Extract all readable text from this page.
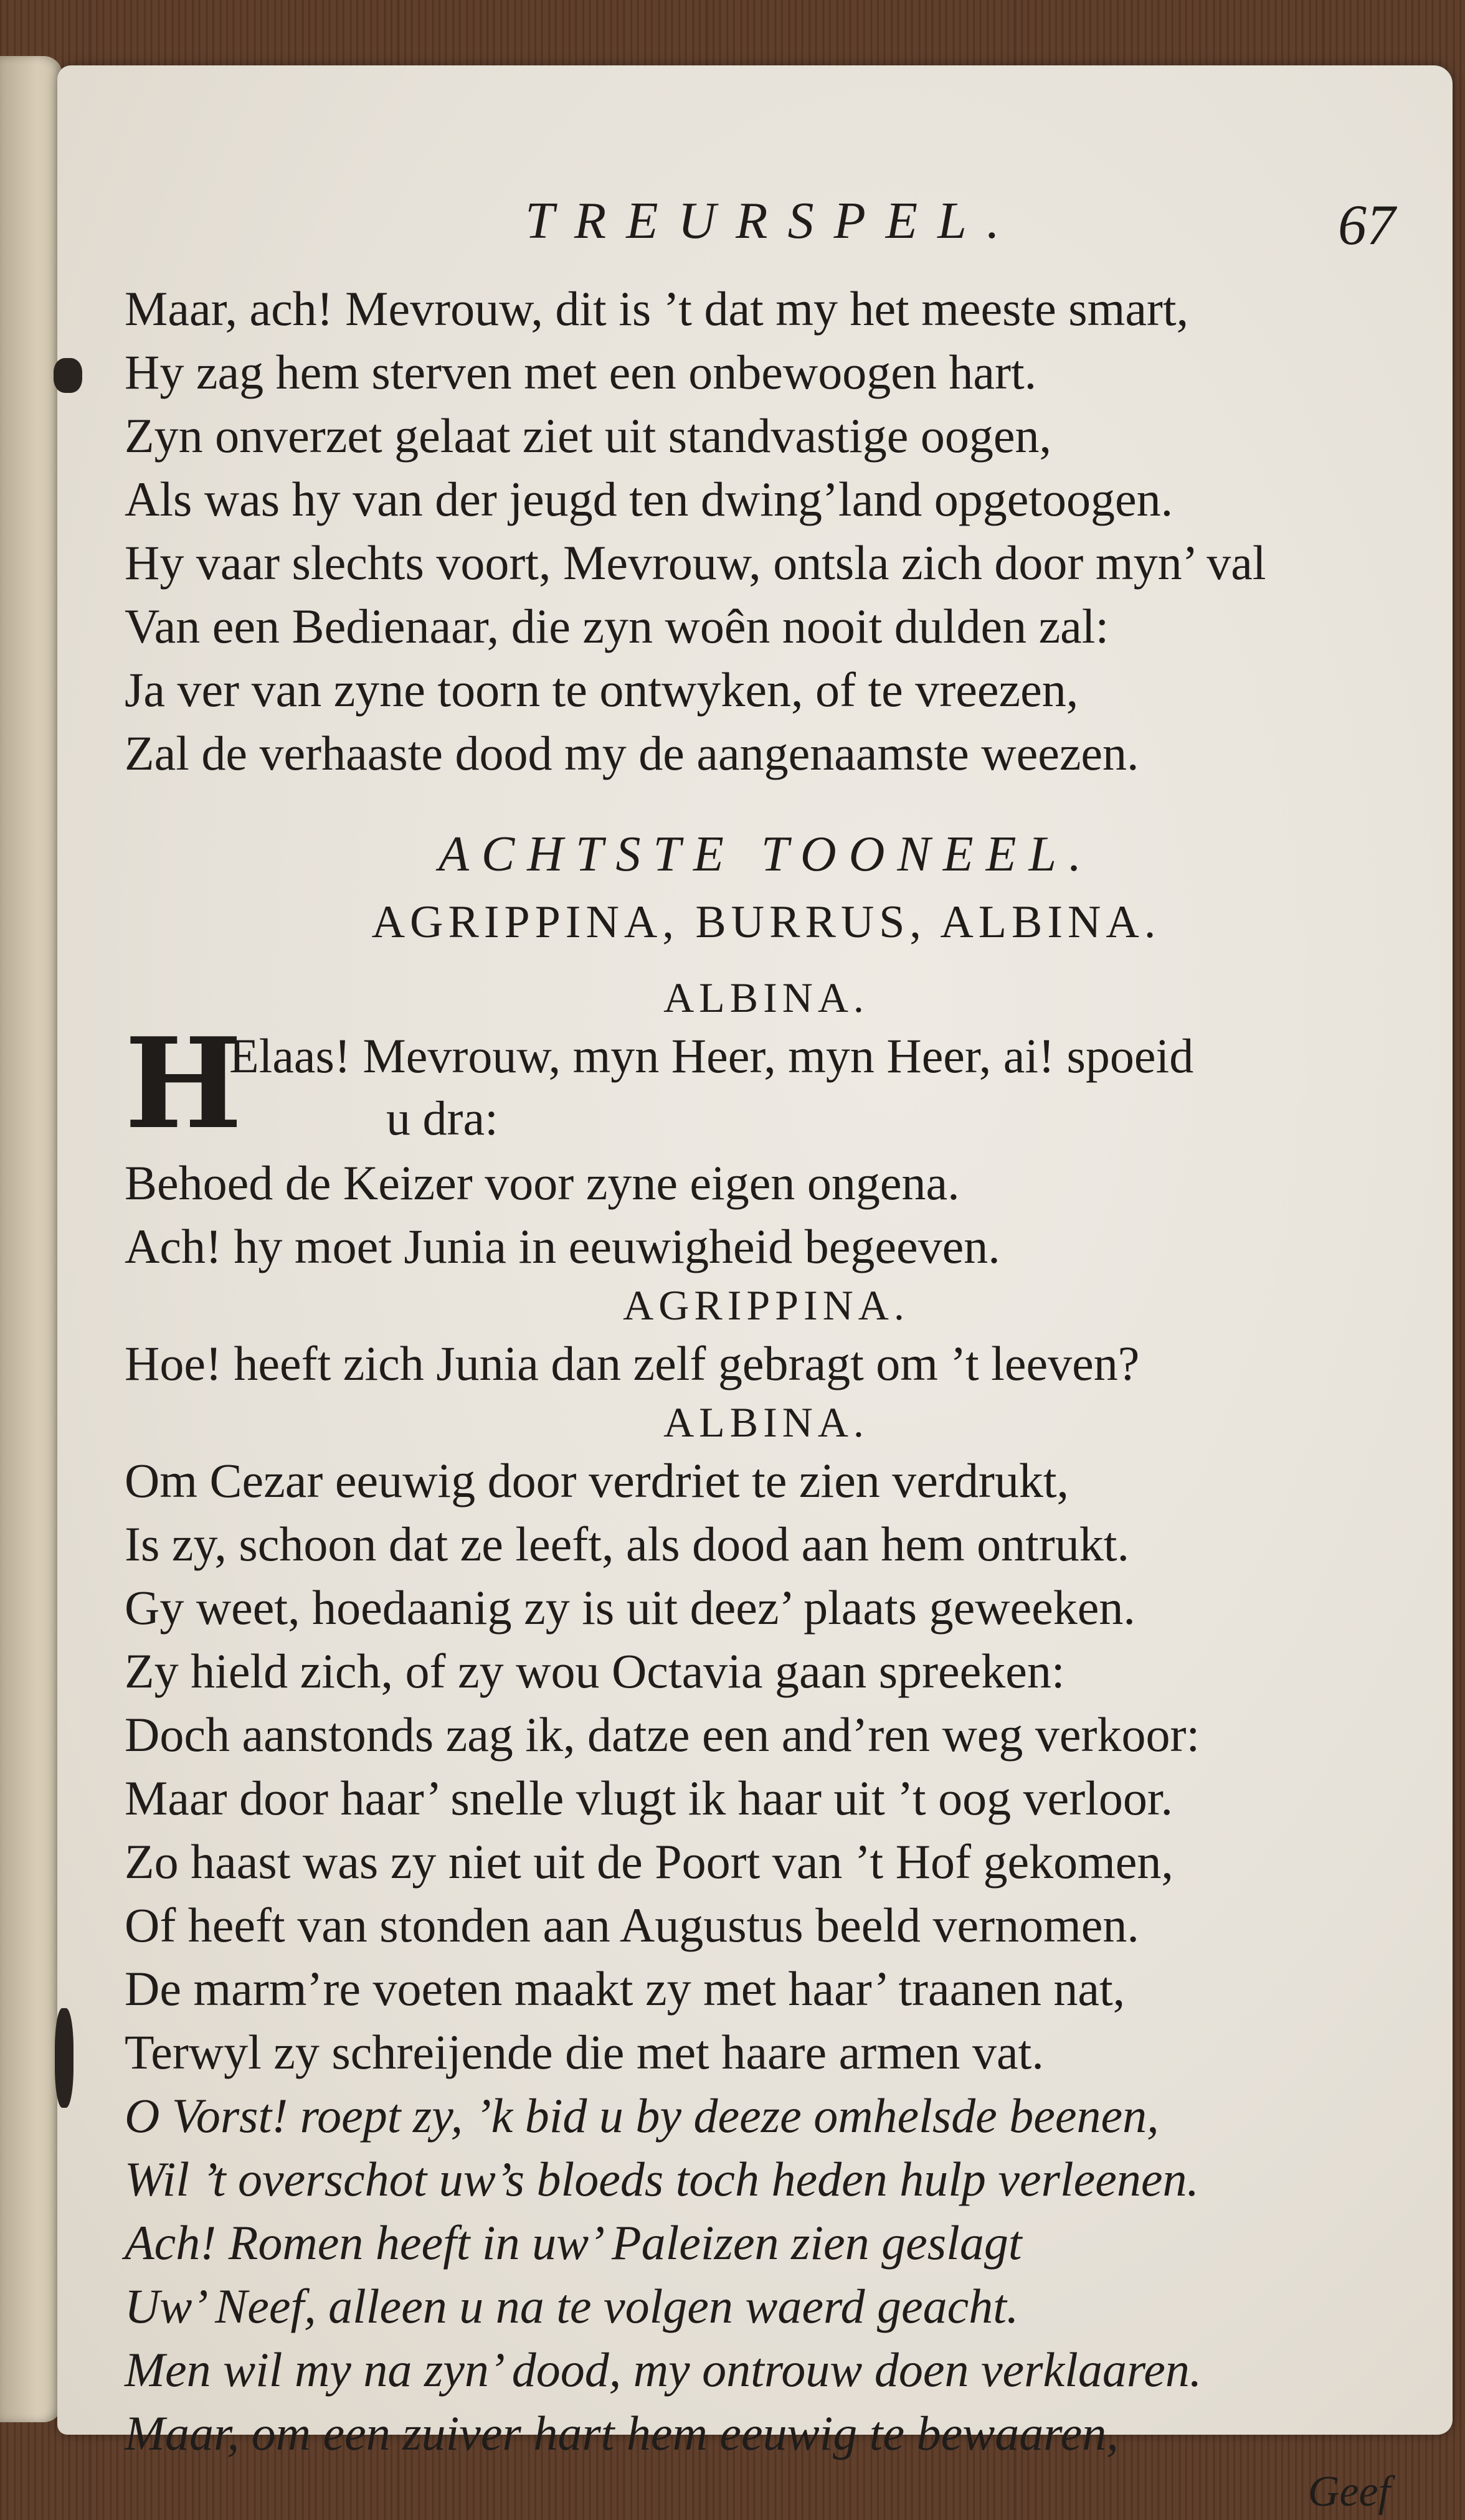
TREURSPEL.	67
Maar, ach! Mevrouw, dit is ’t dat my het meeste smart,
Hy zag hem sterven met een onbewoogen hart.
Zyn onverzet gelaat ziet uit standvastige oogen,
Als was hy van der jeugd ten dwing’land opgetoogen.
Hy vaar slechts voort, Mevrouw, ontsla zich door myn’ val
Van een Bedienaar, die zyn woên nooit dulden zal:
Ja ver van zyne toorn te ontwyken, of te vreezen,
Zal de verhaaste dood my de aangenaamste weezen.
ACHTSTE TOONEEL.
AGRIPPINA, BURRUS, ALBINA.
ALBINA.
H
Elaas! Mevrouw, myn Heer, myn Heer, ai! spoeid
u dra:
Behoed de Keizer voor zyne eigen ongena.
Ach! hy moet Junia in eeuwigheid begeeven.
AGRIPPINA.
Hoe! heeft zich Junia dan zelf gebragt om ’t leeven?
ALBINA.
Om Cezar eeuwig door verdriet te zien verdrukt,
Is zy, schoon dat ze leeft, als dood aan hem ontrukt.
Gy weet, hoedaanig zy is uit deez’ plaats geweeken.
Zy hield zich, of zy wou Octavia gaan spreeken:
Doch aanstonds zag ik, datze een and’ren weg verkoor:
Maar door haar’ snelle vlugt ik haar uit ’t oog verloor.
Zo haast was zy niet uit de Poort van ’t Hof gekomen,
Of heeft van stonden aan Augustus beeld vernomen.
De marm’re voeten maakt zy met haar’ traanen nat,
Terwyl zy schreijende die met haare armen vat.
O Vorst! roept zy, ’k bid u by deeze omhelsde beenen,
Wil ’t overschot uw’s bloeds toch heden hulp verleenen.
Ach! Romen heeft in uw’ Paleizen zien geslagt
Uw’ Neef, alleen u na te volgen waerd geacht.
Men wil my na zyn’ dood, my ontrouw doen verklaaren.
Maar, om een zuiver hart hem eeuwig te bewaaren,
Geef
